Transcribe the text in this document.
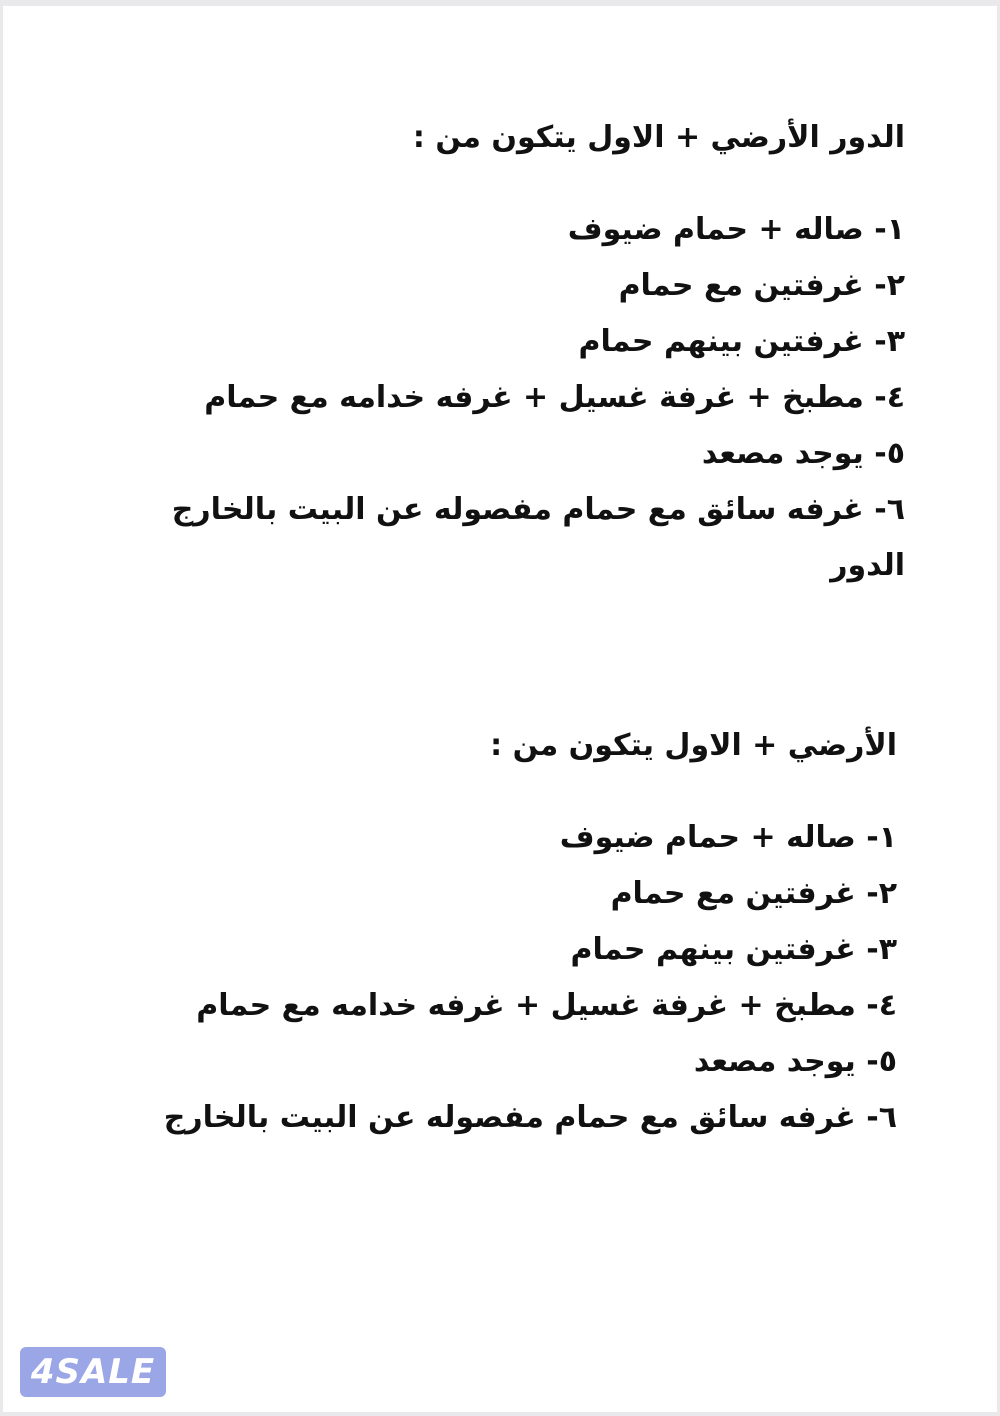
الدور الأرضي + الاول يتكون من :
١- صاله + حمام ضيوف
٢- غرفتين مع حمام
٣- غرفتين بينهم حمام
٤- مطبخ + غرفة غسيل + غرفه خدامه مع حمام
٥- يوجد مصعد
٦- غرفه سائق مع حمام مفصوله عن البيت بالخارج الدور
الأرضي + الاول يتكون من :
١- صاله + حمام ضيوف
٢- غرفتين مع حمام
٣- غرفتين بينهم حمام
٤- مطبخ + غرفة غسيل + غرفه خدامه مع حمام
٥- يوجد مصعد
٦- غرفه سائق مع حمام مفصوله عن البيت بالخارج
4SALE
